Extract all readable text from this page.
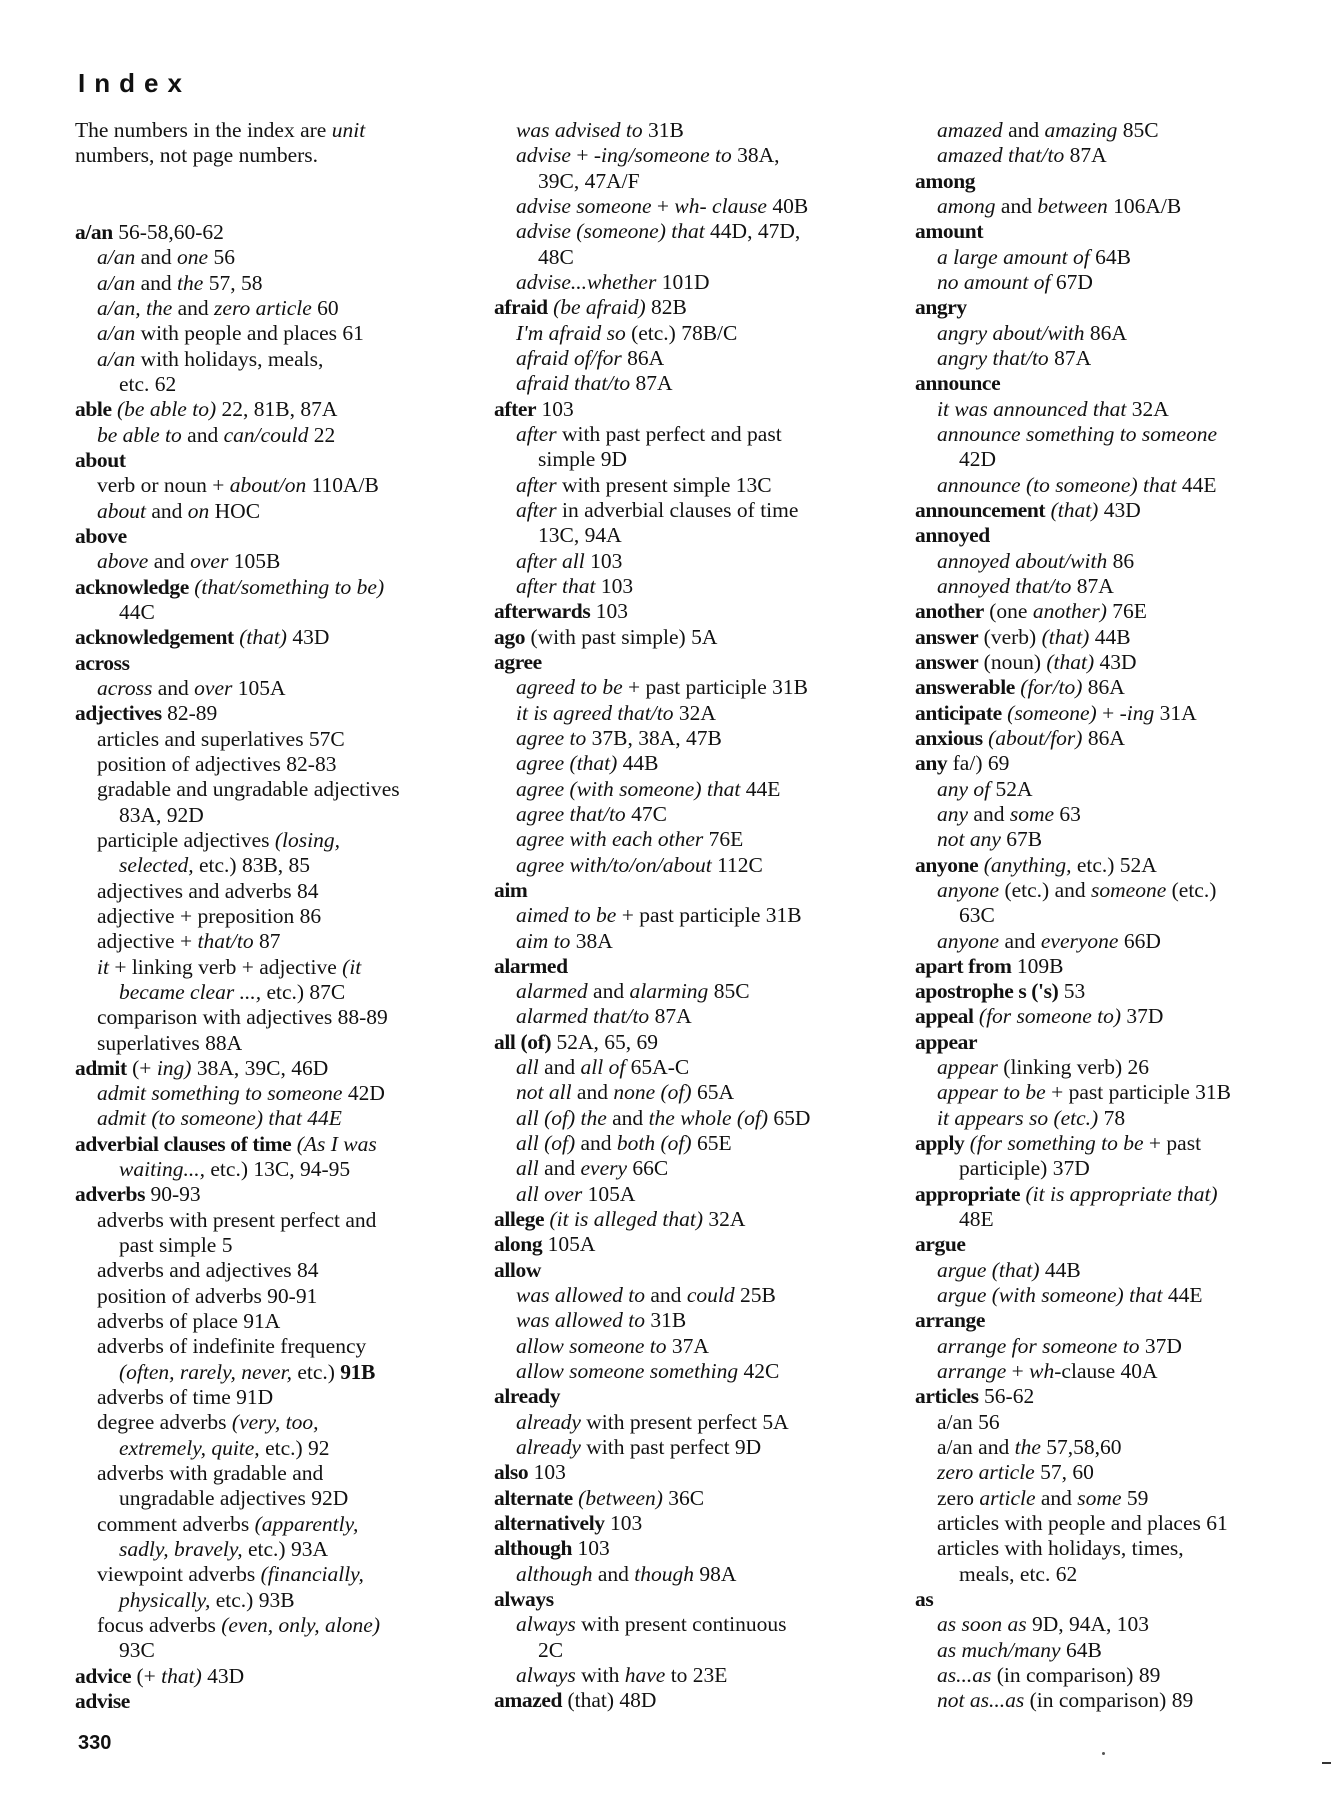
Index

The numbers in the index are unit numbers, not page numbers.

a/an 56-58,60-62
a/an and one 56
a/an and the 57, 58
a/an, the and zero article 60
a/an with people and places 61
a/an with holidays, meals,
etc. 62
able (be able to) 22, 81B, 87A
be able to and can/could 22
about
verb or noun + about/on 110A/B
about and on HOC
above
above and over 105B
acknowledge (that/something to be)
44C
acknowledgement (that) 43D
across
across and over 105A
adjectives 82-89
articles and superlatives 57C
position of adjectives 82-83
gradable and ungradable adjectives
83A, 92D
participle adjectives (losing,
selected, etc.) 83B, 85
adjectives and adverbs 84
adjective + preposition 86
adjective + that/to 87
it + linking verb + adjective (it
became clear ..., etc.) 87C
comparison with adjectives 88-89
superlatives 88A
admit (+ ing) 38A, 39C, 46D
admit something to someone 42D
admit (to someone) that 44E
adverbial clauses of time (As I was
waiting..., etc.) 13C, 94-95
adverbs 90-93
adverbs with present perfect and
past simple 5
adverbs and adjectives 84
position of adverbs 90-91
adverbs of place 91A
adverbs of indefinite frequency
(often, rarely, never, etc.) 91B
adverbs of time 91D
degree adverbs (very, too,
extremely, quite, etc.) 92
adverbs with gradable and
ungradable adjectives 92D
comment adverbs (apparently,
sadly, bravely, etc.) 93A
viewpoint adverbs (financially,
physically, etc.) 93B
focus adverbs (even, only, alone)
93C
advice (+ that) 43D
advise
was advised to 31B
advise + -ing/someone to 38A,
39C, 47A/F
advise someone + wh- clause 40B
advise (someone) that 44D, 47D,
48C
advise...whether 101D
afraid (be afraid) 82B
I'm afraid so (etc.) 78B/C
afraid of/for 86A
afraid that/to 87A
after 103
after with past perfect and past
simple 9D
after with present simple 13C
after in adverbial clauses of time
13C, 94A
after all 103
after that 103
afterwards 103
ago (with past simple) 5A
agree
agreed to be + past participle 31B
it is agreed that/to 32A
agree to 37B, 38A, 47B
agree (that) 44B
agree (with someone) that 44E
agree that/to 47C
agree with each other 76E
agree with/to/on/about 112C
aim
aimed to be + past participle 31B
aim to 38A
alarmed
alarmed and alarming 85C
alarmed that/to 87A
all (of) 52A, 65, 69
all and all of 65A-C
not all and none (of) 65A
all (of) the and the whole (of) 65D
all (of) and both (of) 65E
all and every 66C
all over 105A
allege (it is alleged that) 32A
along 105A
allow
was allowed to and could 25B
was allowed to 31B
allow someone to 37A
allow someone something 42C
already
already with present perfect 5A
already with past perfect 9D
also 103
alternate (between) 36C
alternatively 103
although 103
although and though 98A
always
always with present continuous
2C
always with have to 23E
amazed (that) 48D
amazed and amazing 85C
amazed that/to 87A
among
among and between 106A/B
amount
a large amount of 64B
no amount of 67D
angry
angry about/with 86A
angry that/to 87A
announce
it was announced that 32A
announce something to someone
42D
announce (to someone) that 44E
announcement (that) 43D
annoyed
annoyed about/with 86
annoyed that/to 87A
another (one another) 76E
answer (verb) (that) 44B
answer (noun) (that) 43D
answerable (for/to) 86A
anticipate (someone) + -ing 31A
anxious (about/for) 86A
any fa/) 69
any of 52A
any and some 63
not any 67B
anyone (anything, etc.) 52A
anyone (etc.) and someone (etc.)
63C
anyone and everyone 66D
apart from 109B
apostrophe s ('s) 53
appeal (for someone to) 37D
appear
appear (linking verb) 26
appear to be + past participle 31B
it appears so (etc.) 78
apply (for something to be + past
participle) 37D
appropriate (it is appropriate that)
48E
argue
argue (that) 44B
argue (with someone) that 44E
arrange
arrange for someone to 37D
arrange + wh-clause 40A
articles 56-62
a/an 56
a/an and the 57,58,60
zero article 57, 60
zero article and some 59
articles with people and places 61
articles with holidays, times,
meals, etc. 62
as
as soon as 9D, 94A, 103
as much/many 64B
as...as (in comparison) 89
not as...as (in comparison) 89

330
